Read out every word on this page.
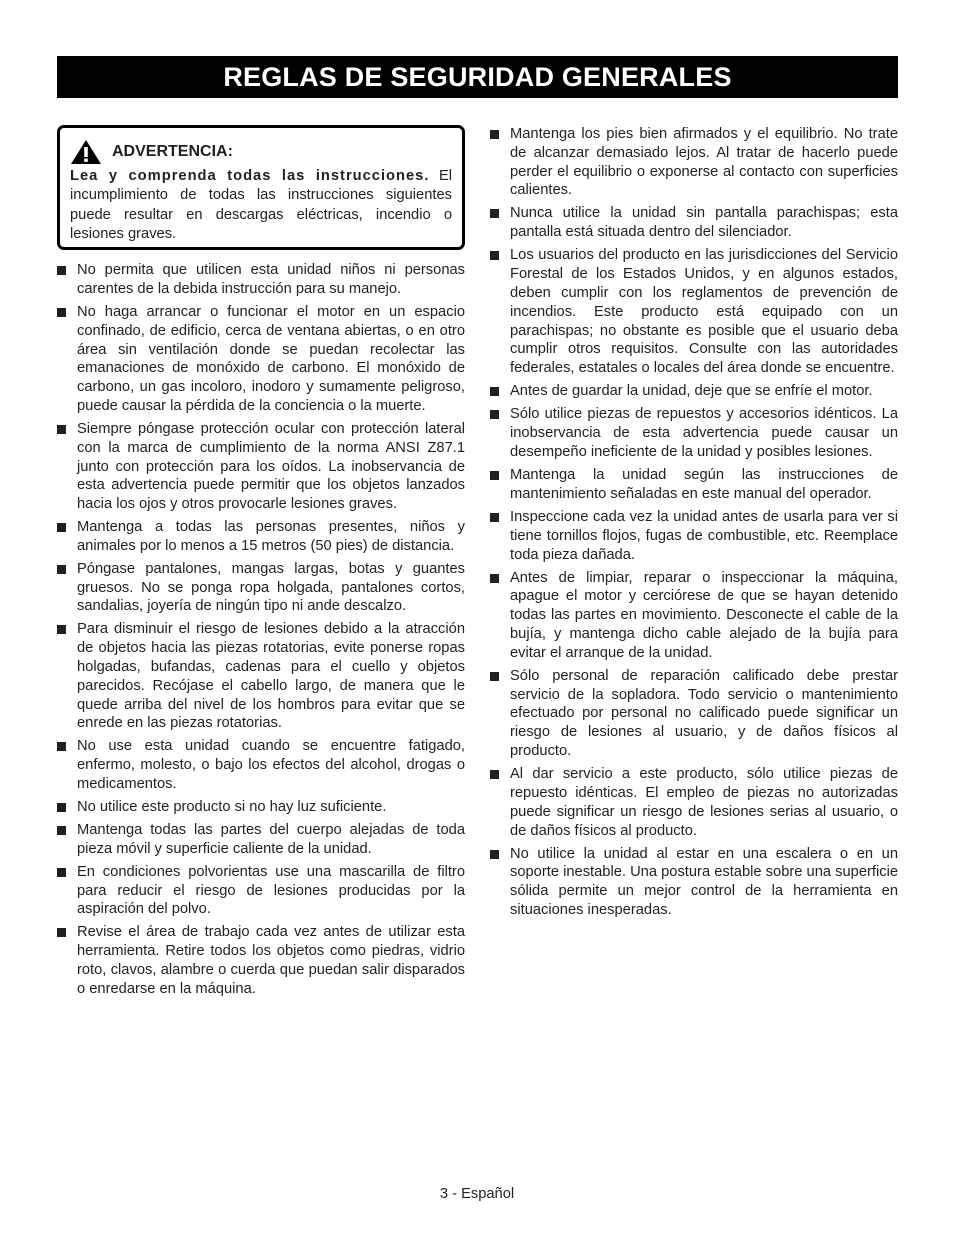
REGLAS DE SEGURIDAD GENERALES
ADVERTENCIA:

Lea y comprenda todas las instrucciones. El incumplimiento de todas las instrucciones siguientes puede resultar en descargas eléctricas, incendio o lesiones graves.

No permita que utilicen esta unidad niños ni personas carentes de la debida instrucción para su manejo.
No haga arrancar o funcionar el motor en un espacio confinado, de edificio, cerca de ventana abiertas, o en otro área sin ventilación donde se puedan recolectar las emanaciones de monóxido de carbono. El monóxido de carbono, un gas incoloro, inodoro y sumamente peligroso, puede causar la pérdida de la conciencia o la muerte.
Siempre póngase protección ocular con protección lateral con la marca de cumplimiento de la norma ANSI Z87.1 junto con protección para los oídos. La inobservancia de esta advertencia puede permitir que los objetos lanzados hacia los ojos y otros provocarle lesiones graves.
Mantenga a todas las personas presentes, niños y animales por lo menos a 15 metros (50 pies) de distancia.
Póngase pantalones, mangas largas, botas y guantes gruesos. No se ponga ropa holgada, pantalones cortos, sandalias, joyería de ningún tipo ni ande descalzo.
Para disminuir el riesgo de lesiones debido a la atracción de objetos hacia las piezas rotatorias, evite ponerse ropas holgadas, bufandas, cadenas para el cuello y objetos parecidos. Recójase el cabello largo, de manera que le quede arriba del nivel de los hombros para evitar que se enrede en las piezas rotatorias.
No use esta unidad cuando se encuentre fatigado, enfermo, molesto, o bajo los efectos del alcohol, drogas o medicamentos.
No utilice este producto si no hay luz suficiente.
Mantenga todas las partes del cuerpo alejadas de toda pieza móvil y superficie caliente de la unidad.
En condiciones polvorientas use una mascarilla de filtro para reducir el riesgo de lesiones producidas por la aspiración del polvo.
Revise el área de trabajo cada vez antes de utilizar esta herramienta. Retire todos los objetos como piedras, vidrio roto, clavos, alambre o cuerda que puedan salir disparados o enredarse en la máquina.
Mantenga los pies bien afirmados y el equilibrio. No trate de alcanzar demasiado lejos. Al tratar de hacerlo puede perder el equilibrio o exponerse al contacto con superficies calientes.
Nunca utilice la unidad sin pantalla parachispas; esta pantalla está situada dentro del silenciador.
Los usuarios del producto en las jurisdicciones del Servicio Forestal de los Estados Unidos, y en algunos estados, deben cumplir con los reglamentos de prevención de incendios. Este producto está equipado con un parachispas; no obstante es posible que el usuario deba cumplir otros requisitos. Consulte con las autoridades federales, estatales o locales del área donde se encuentre.
Antes de guardar la unidad, deje que se enfríe el motor.
Sólo utilice piezas de repuestos y accesorios idénticos. La inobservancia de esta advertencia puede causar un desempeño ineficiente de la unidad y posibles lesiones.
Mantenga la unidad según las instrucciones de mantenimiento señaladas en este manual del operador.
Inspeccione cada vez la unidad antes de usarla para ver si tiene tornillos flojos, fugas de combustible, etc. Reemplace toda pieza dañada.
Antes de limpiar, reparar o inspeccionar la máquina, apague el motor y cerciórese de que se hayan detenido todas las partes en movimiento. Desconecte el cable de la bujía, y mantenga dicho cable alejado de la bujía para evitar el arranque de la unidad.
Sólo personal de reparación calificado debe prestar servicio de la sopladora. Todo servicio o mantenimiento efectuado por personal no calificado puede significar un riesgo de lesiones al usuario, y de daños físicos al producto.
Al dar servicio a este producto, sólo utilice piezas de repuesto idénticas. El empleo de piezas no autorizadas puede significar un riesgo de lesiones serias al usuario, o de daños físicos al producto.
No utilice la unidad al estar en una escalera o en un soporte inestable. Una postura estable sobre una superficie sólida permite un mejor control de la herramienta en situaciones inesperadas.
3 - Español
